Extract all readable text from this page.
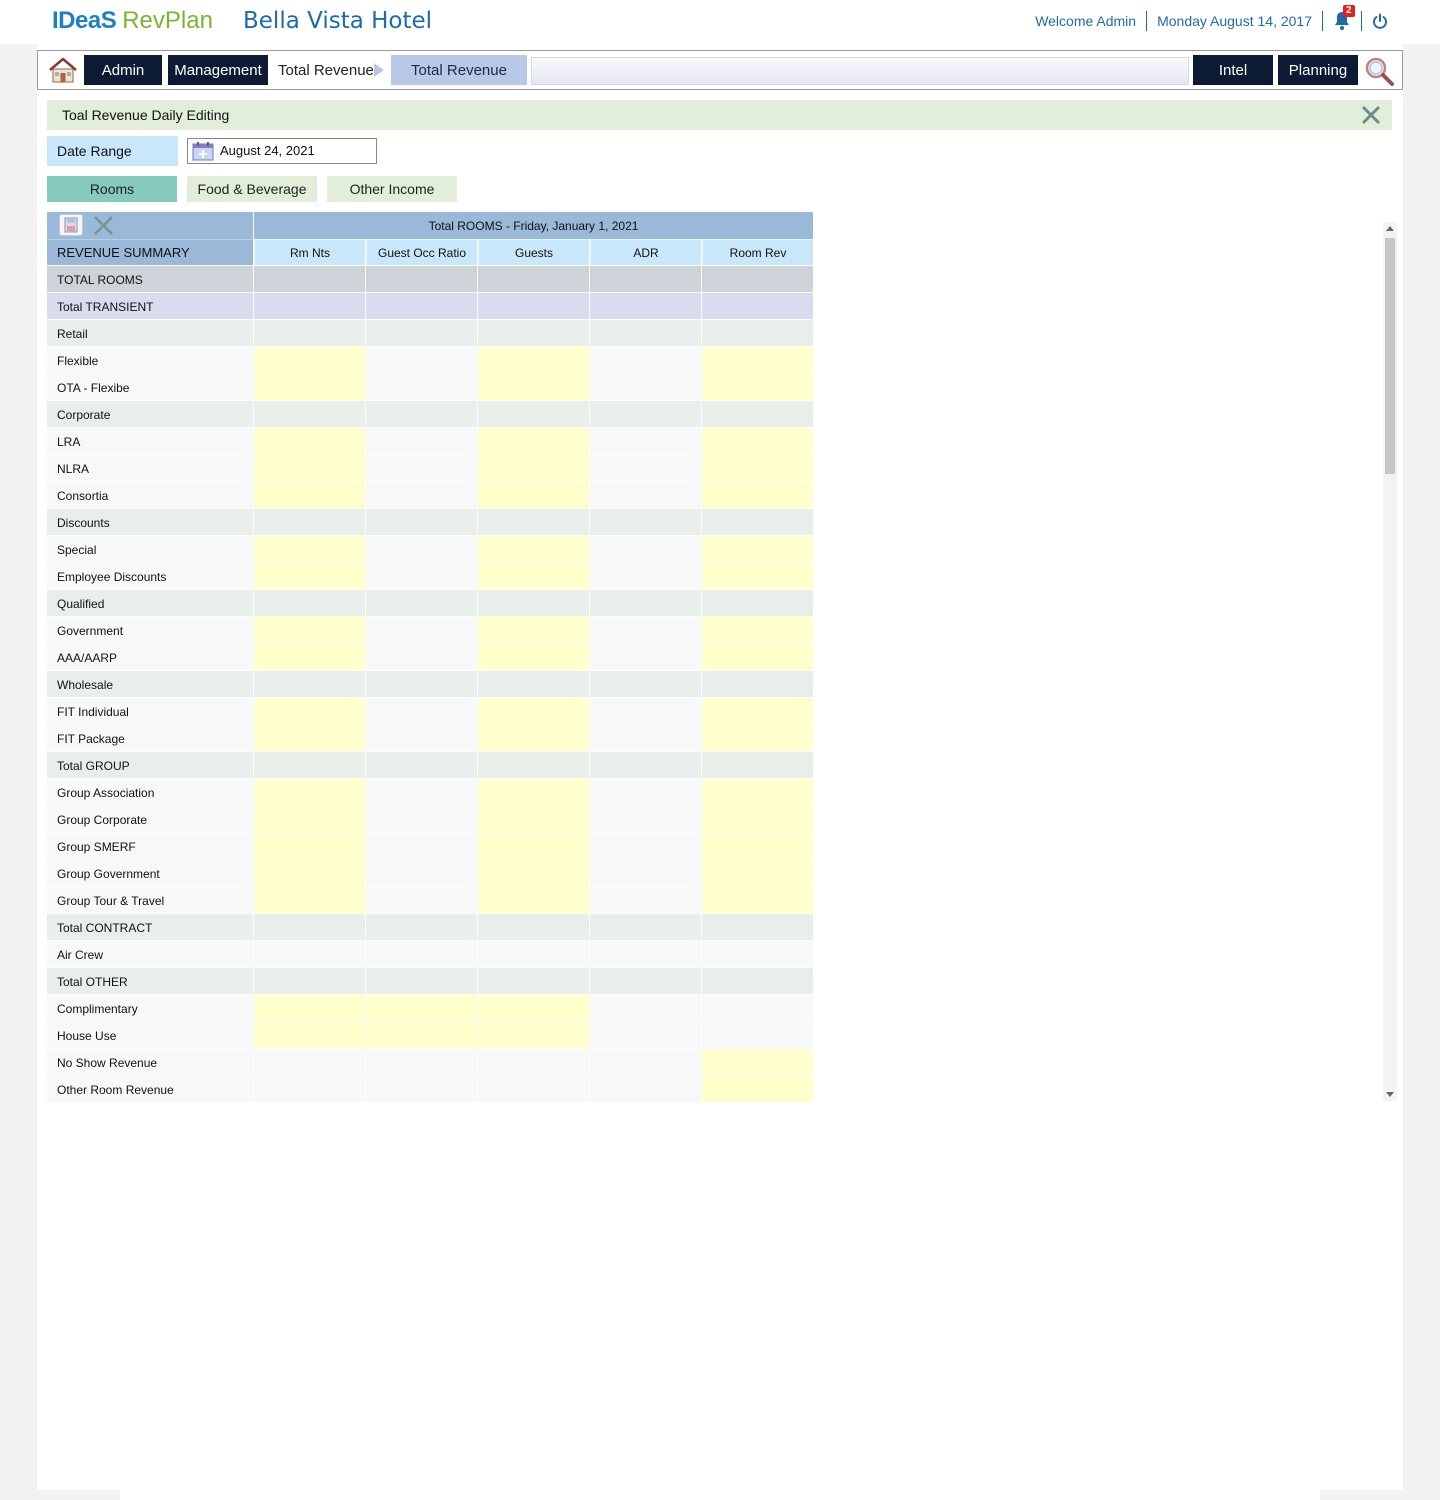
IDeaS RevPlan Bella Vista Hotel	Welcome Admin Monday August 14, 2017
2
Admin	Management	Total Revenue	Total Revenue	Intel	Planning
Toal Revenue Daily Editing
Date Range
August 24, 2021
Rooms	Food & Beverage	Other Income
Total ROOMS - Friday, January 1, 2021
REVENUE SUMMARY	Rm Nts	Guest Occ Ratio	Guests	ADR	Room Rev
TOTAL ROOMS
Total TRANSIENT
Retail
Flexible
OTA - Flexibe
Corporate
LRA
NLRA
Consortia
Discounts
Special
Employee Discounts
Qualified
Government
AAA/AARP
Wholesale
FIT Individual
FIT Package
Total GROUP
Group Association
Group Corporate
Group SMERF
Group Government
Group Tour & Travel
Total CONTRACT
Air Crew
Total OTHER
Complimentary
House Use
No Show Revenue
Other Room Revenue
